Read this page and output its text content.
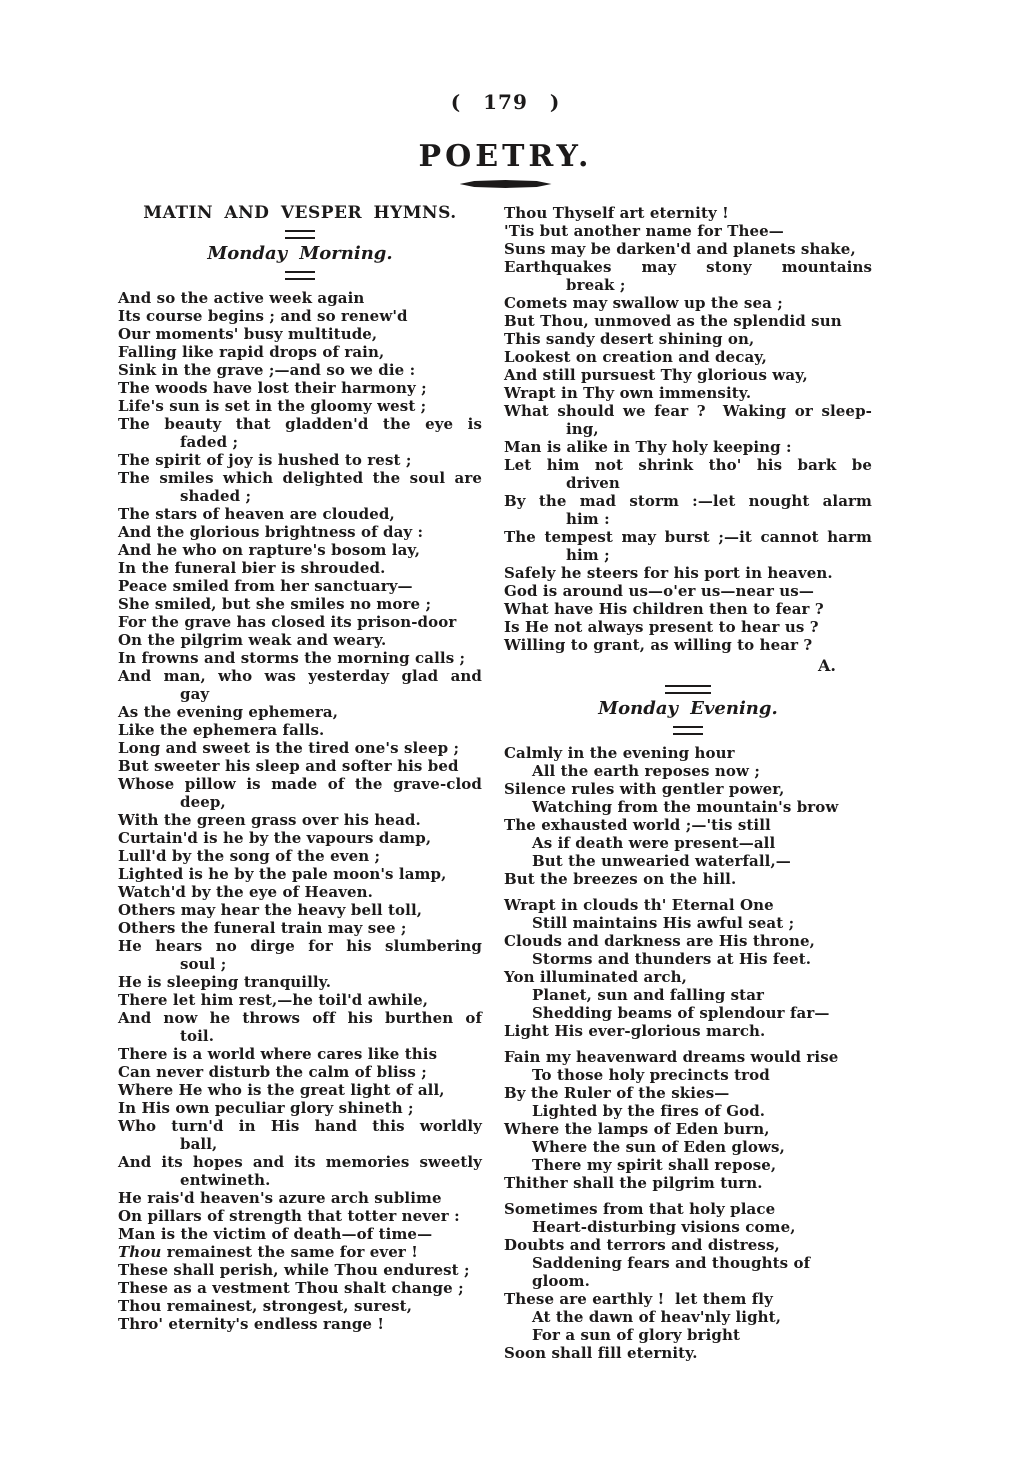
( 179 )
POETRY.
MATIN AND VESPER HYMNS.
Monday Morning.
And so the active week again
Its course begins ; and so renew'd
Our moments' busy multitude,
Falling like rapid drops of rain,
Sink in the grave ;—and so we die :
The woods have lost their harmony ;
Life's sun is set in the gloomy west ;
The beauty that gladden'd the eye is
faded ;
The spirit of joy is hushed to rest ;
The smiles which delighted the soul are
shaded ;
The stars of heaven are clouded,
And the glorious brightness of day :
And he who on rapture's bosom lay,
In the funeral bier is shrouded.
Peace smiled from her sanctuary—
She smiled, but she smiles no more ;
For the grave has closed its prison-door
On the pilgrim weak and weary.
In frowns and storms the morning calls ;
And man, who was yesterday glad and
gay
As the evening ephemera,
Like the ephemera falls.
Long and sweet is the tired one's sleep ;
But sweeter his sleep and softer his bed
Whose pillow is made of the grave-clod
deep,
With the green grass over his head.
Curtain'd is he by the vapours damp,
Lull'd by the song of the even ;
Lighted is he by the pale moon's lamp,
Watch'd by the eye of Heaven.
Others may hear the heavy bell toll,
Others the funeral train may see ;
He hears no dirge for his slumbering
soul ;
He is sleeping tranquilly.
There let him rest,—he toil'd awhile,
And now he throws off his burthen of
toil.
There is a world where cares like this
Can never disturb the calm of bliss ;
Where He who is the great light of all,
In His own peculiar glory shineth ;
Who turn'd in His hand this worldly
ball,
And its hopes and its memories sweetly
entwineth.
He rais'd heaven's azure arch sublime
On pillars of strength that totter never :
Man is the victim of death—of time—
Thou remainest the same for ever !
These shall perish, while Thou endurest ;
These as a vestment Thou shalt change ;
Thou remainest, strongest, surest,
Thro' eternity's endless range !
Thou Thyself art eternity !
'Tis but another name for Thee—
Suns may be darken'd and planets shake,
Earthquakes may stony mountains
break ;
Comets may swallow up the sea ;
But Thou, unmoved as the splendid sun
This sandy desert shining on,
Lookest on creation and decay,
And still pursuest Thy glorious way,
Wrapt in Thy own immensity.
What should we fear ?  Waking or sleep-
ing,
Man is alike in Thy holy keeping :
Let him not shrink tho' his bark be
driven
By the mad storm :—let nought alarm
him :
The tempest may burst ;—it cannot harm
him ;
Safely he steers for his port in heaven.
God is around us—o'er us—near us—
What have His children then to fear ?
Is He not always present to hear us ?
Willing to grant, as willing to hear ?
A.
Monday Evening.
Calmly in the evening hour
All the earth reposes now ;
Silence rules with gentler power,
Watching from the mountain's brow
The exhausted world ;—'tis still
As if death were present—all
But the unwearied waterfall,—
But the breezes on the hill.
Wrapt in clouds th' Eternal One
Still maintains His awful seat ;
Clouds and darkness are His throne,
Storms and thunders at His feet.
Yon illuminated arch,
Planet, sun and falling star
Shedding beams of splendour far—
Light His ever-glorious march.
Fain my heavenward dreams would rise
To those holy precincts trod
By the Ruler of the skies—
Lighted by the fires of God.
Where the lamps of Eden burn,
Where the sun of Eden glows,
There my spirit shall repose,
Thither shall the pilgrim turn.
Sometimes from that holy place
Heart-disturbing visions come,
Doubts and terrors and distress,
Saddening fears and thoughts of gloom.
These are earthly !  let them fly
At the dawn of heav'nly light,
For a sun of glory bright
Soon shall fill eternity.
